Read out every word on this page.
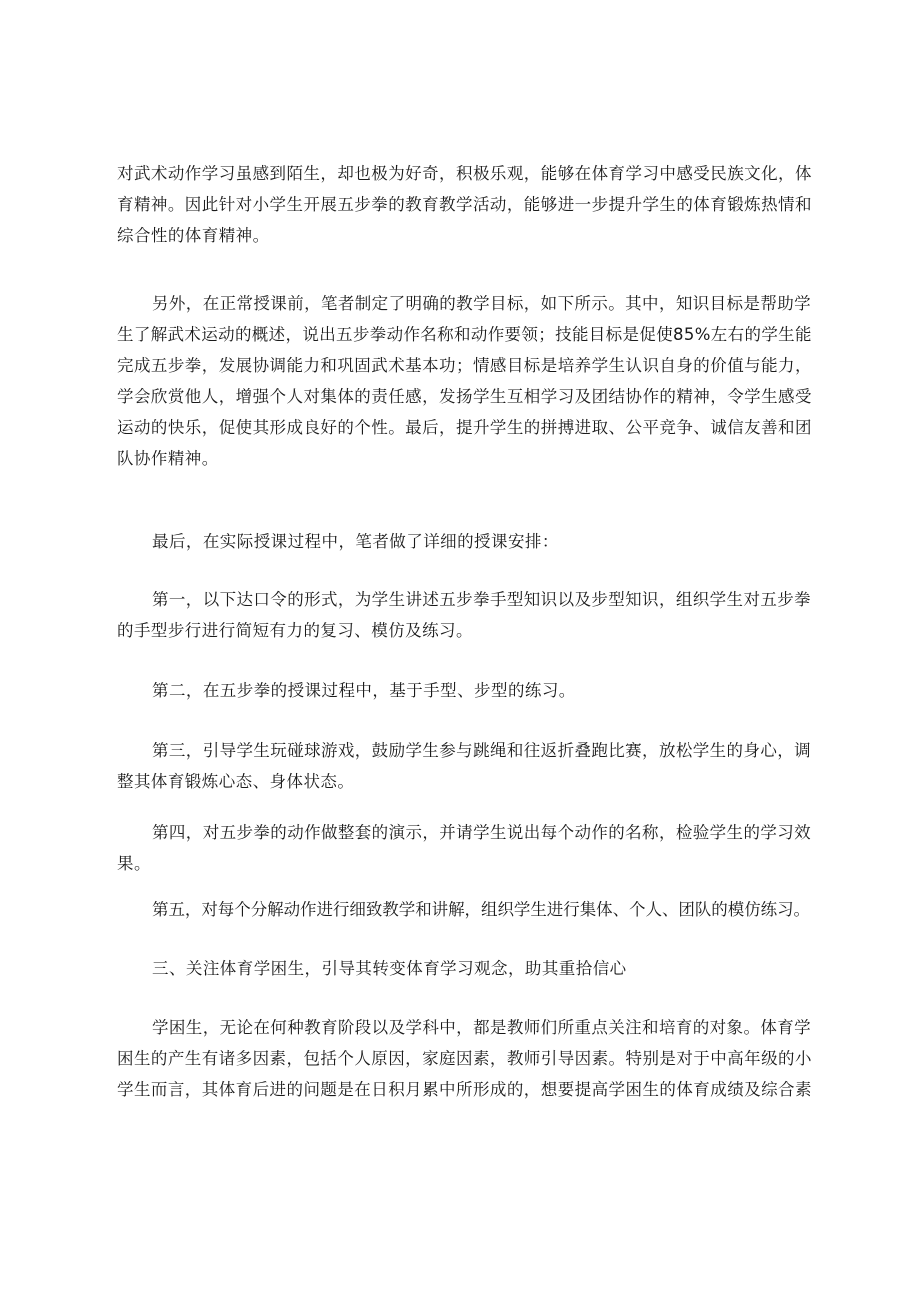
对武术动作学习虽感到陌生，却也极为好奇，积极乐观，能够在体育学习中感受民族文化，体
育精神。因此针对小学生开展五步拳的教育教学活动，能够进一步提升学生的体育锻炼热情和
综合性的体育精神。
另外，在正常授课前，笔者制定了明确的教学目标，如下所示。其中，知识目标是帮助学
生了解武术运动的概述，说出五步拳动作名称和动作要领；技能目标是促使85%左右的学生能
完成五步拳，发展协调能力和巩固武术基本功；情感目标是培养学生认识自身的价值与能力，
学会欣赏他人，增强个人对集体的责任感，发扬学生互相学习及团结协作的精神，令学生感受
运动的快乐，促使其形成良好的个性。最后，提升学生的拼搏进取、公平竞争、诚信友善和团
队协作精神。
最后，在实际授课过程中，笔者做了详细的授课安排：
第一，以下达口令的形式，为学生讲述五步拳手型知识以及步型知识，组织学生对五步拳
的手型步行进行简短有力的复习、模仿及练习。
第二，在五步拳的授课过程中，基于手型、步型的练习。
第三，引导学生玩碰球游戏，鼓励学生参与跳绳和往返折叠跑比赛，放松学生的身心，调
整其体育锻炼心态、身体状态。
第四，对五步拳的动作做整套的演示，并请学生说出每个动作的名称，检验学生的学习效
果。
第五，对每个分解动作进行细致教学和讲解，组织学生进行集体、个人、团队的模仿练习。
三、关注体育学困生，引导其转变体育学习观念，助其重拾信心
学困生，无论在何种教育阶段以及学科中，都是教师们所重点关注和培育的对象。体育学
困生的产生有诸多因素，包括个人原因，家庭因素，教师引导因素。特别是对于中高年级的小
学生而言，其体育后进的问题是在日积月累中所形成的，想要提高学困生的体育成绩及综合素
